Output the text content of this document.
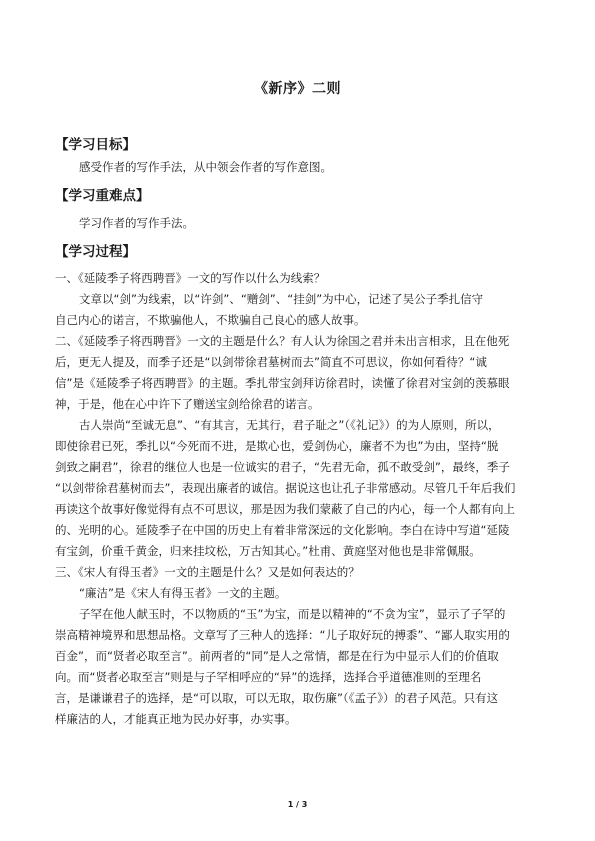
《新序》二则
【学习目标】
感受作者的写作手法，从中领会作者的写作意图。
【学习重难点】
学习作者的写作手法。
【学习过程】
一、《延陵季子将西聘晋》一文的写作以什么为线索？
文章以“剑”为线索，以“许剑”、“赠剑”、“挂剑”为中心，记述了吴公子季扎信守
自己内心的诺言，不欺骗他人，不欺骗自己良心的感人故事。
二、《延陵季子将西聘晋》一文的主题是什么？有人认为徐国之君并未出言相求，且在他死
后，更无人提及，而季子还是“以剑带徐君墓树而去”简直不可思议，你如何看待？“诚
信”是《延陵季子将西聘晋》的主题。季扎带宝剑拜访徐君时，读懂了徐君对宝剑的羡慕眼
神，于是，他在心中许下了赠送宝剑给徐君的诺言。
古人崇尚“至诚无息”、“有其言，无其行，君子耻之”（《礼记》）的为人原则，所以，
即使徐君已死，季扎以“今死而不进，是欺心也，爱剑伪心，廉者不为也”为由，坚持“脱
剑致之嗣君”，徐君的继位人也是一位诚实的君子，“先君无命，孤不敢受剑”，最终，季子
“以剑带徐君墓树而去”，表现出廉者的诚信。据说这也让孔子非常感动。尽管几千年后我们
再读这个故事好像觉得有点不可思议，那是因为我们蒙蔽了自己的内心，每一个人都有向上
的、光明的心。延陵季子在中国的历史上有着非常深远的文化影响。李白在诗中写道“延陵
有宝剑，价重千黄金，归来挂坟松，万古知其心。”杜甫、黄庭坚对他也是非常佩服。
三、《宋人有得玉者》一文的主题是什么？又是如何表达的？
“廉洁”是《宋人有得玉者》一文的主题。
子罕在他人献玉时，不以物质的“玉”为宝，而是以精神的“不贪为宝”，显示了子罕的
崇高精神境界和思想品格。文章写了三种人的选择：“儿子取好玩的搏黍”、“鄙人取实用的
百金”，而“贤者必取至言”。前两者的“同”是人之常情，都是在行为中显示人们的价值取
向。而“贤者必取至言”则是与子罕相呼应的“异”的选择，选择合乎道德准则的至理名
言，是谦谦君子的选择，是“可以取，可以无取，取伤廉”（《孟子》）的君子风范。只有这
样廉洁的人，才能真正地为民办好事，办实事。
1 / 3
